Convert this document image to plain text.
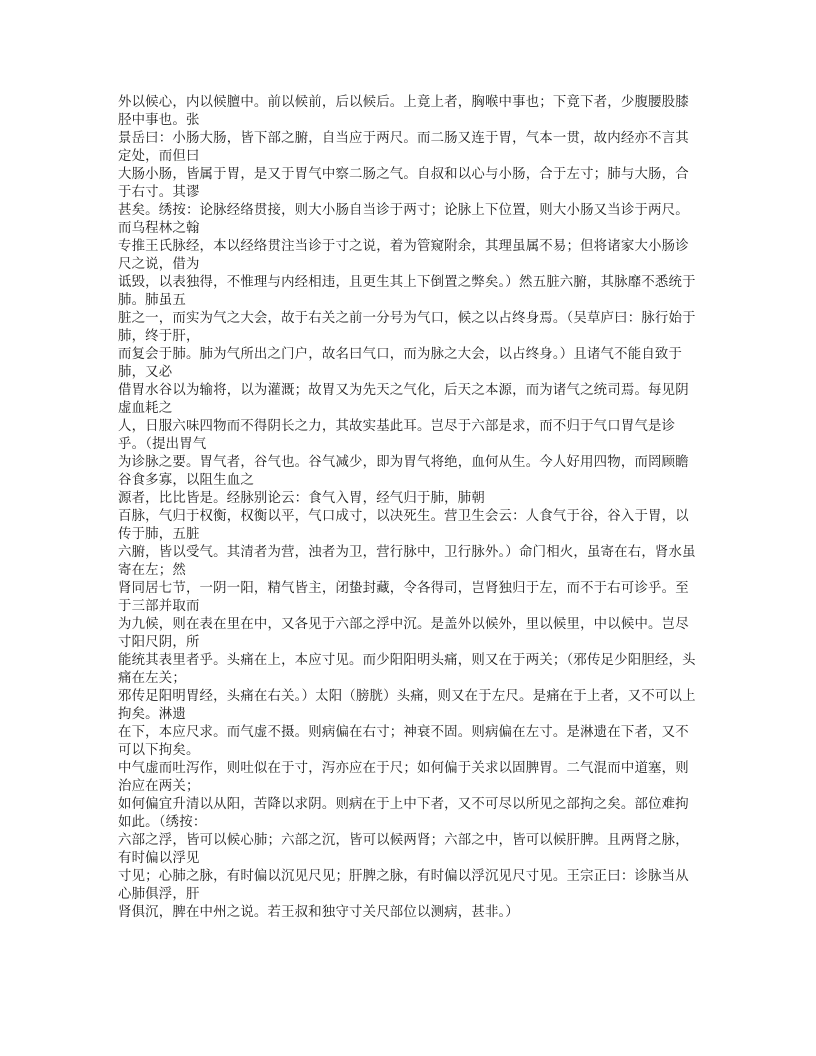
外以候心，内以候膻中。前以候前，后以候后。上竟上者，胸喉中事也；下竟下者，少腹腰股膝胫中事也。张
景岳曰：小肠大肠，皆下部之腑，自当应于两尺。而二肠又连于胃，气本一贯，故内经亦不言其定处，而但曰
大肠小肠，皆属于胃，是又于胃气中察二肠之气。自叔和以心与小肠，合于左寸；肺与大肠，合于右寸。其谬
甚矣。绣按：论脉经络贯接，则大小肠自当诊于两寸；论脉上下位置，则大小肠又当诊于两尺。而乌程林之翰
专推王氏脉经，本以经络贯注当诊于寸之说，着为管窥附余，其理虽属不易；但将诸家大小肠诊尺之说，借为
诋毁，以表独得，不惟理与内经相违，且更生其上下倒置之弊矣。）然五脏六腑，其脉靡不悉统于肺。肺虽五
脏之一，而实为气之大会，故于右关之前一分号为气口，候之以占终身焉。（吴草庐曰：脉行始于肺，终于肝，
而复会于肺。肺为气所出之门户，故名曰气口，而为脉之大会，以占终身。）且诸气不能自致于肺，又必
借胃水谷以为输将，以为灌溉；故胃又为先天之气化，后天之本源，而为诸气之统司焉。每见阴虚血耗之
人，日服六味四物而不得阴长之力，其故实基此耳。岂尽于六部是求，而不归于气口胃气是诊乎。（提出胃气
为诊脉之要。胃气者，谷气也。谷气减少，即为胃气将绝，血何从生。今人好用四物，而罔顾瞻谷食多寡，以阻生血之
源者，比比皆是。经脉别论云：食气入胃，经气归于肺，肺朝
百脉，气归于权衡，权衡以平，气口成寸，以决死生。营卫生会云：人食气于谷，谷入于胃，以传于肺，五脏
六腑，皆以受气。其清者为营，浊者为卫，营行脉中，卫行脉外。）命门相火，虽寄在右，肾水虽寄在左；然
肾同居七节，一阴一阳，精气皆主，闭蛰封藏，令各得司，岂肾独归于左，而不于右可诊乎。至于三部并取而
为九候，则在表在里在中，又各见于六部之浮中沉。是盖外以候外，里以候里，中以候中。岂尽寸阳尺阴，所
能统其表里者乎。头痛在上，本应寸见。而少阳阳明头痛，则又在于两关；（邪传足少阳胆经，头痛在左关；
邪传足阳明胃经，头痛在右关。）太阳（膀胱）头痛，则又在于左尺。是痛在于上者，又不可以上拘矣。淋遗
在下，本应尺求。而气虚不摄。则病偏在右寸；神衰不固。则病偏在左寸。是淋遗在下者，又不可以下拘矣。
中气虚而吐泻作，则吐似在于寸，泻亦应在于尺；如何偏于关求以固脾胃。二气混而中道塞，则治应在两关；
如何偏宜升清以从阳，苦降以求阴。则病在于上中下者，又不可尽以所见之部拘之矣。部位难拘如此。（绣按：
六部之浮，皆可以候心肺；六部之沉，皆可以候两肾；六部之中，皆可以候肝脾。且两肾之脉，有时偏以浮见
寸见；心肺之脉，有时偏以沉见尺见；肝脾之脉，有时偏以浮沉见尺寸见。王宗正曰：诊脉当从心肺俱浮，肝
肾俱沉，脾在中州之说。若王叔和独守寸关尺部位以测病，甚非。）
